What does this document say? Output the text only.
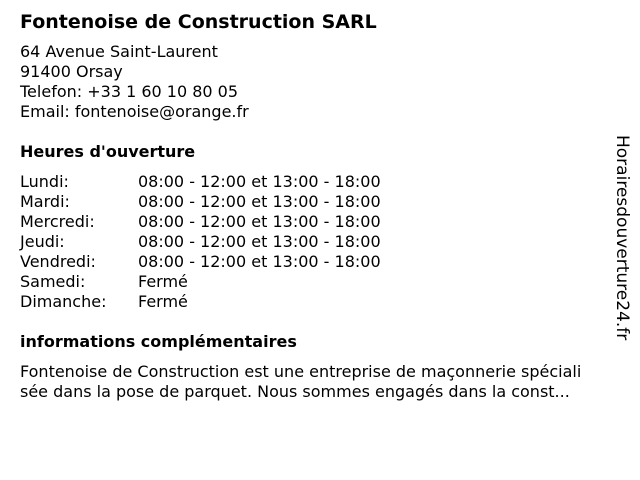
Fontenoise de Construction SARL
64 Avenue Saint-Laurent
91400 Orsay
Telefon: +33 1 60 10 80 05
Email: fontenoise@orange.fr
Heures d'ouverture
Lundi:	08:00 - 12:00 et 13:00 - 18:00
Mardi:	08:00 - 12:00 et 13:00 - 18:00
Mercredi:	08:00 - 12:00 et 13:00 - 18:00
Jeudi:	08:00 - 12:00 et 13:00 - 18:00
Vendredi:	08:00 - 12:00 et 13:00 - 18:00
Samedi:	Fermé
Dimanche:	Fermé
informations complémentaires
Fontenoise de Construction est une entreprise de maçonnerie spéciali
sée dans la pose de parquet. Nous sommes engagés dans la const...
Horairesdouverture24.fr
